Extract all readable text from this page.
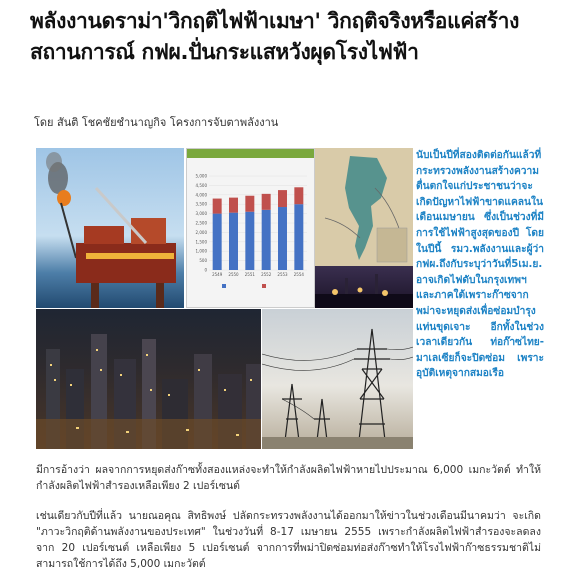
พลังงานดราม่า'วิกฤติไฟฟ้าเมษา' วิกฤติจริงหรือแค่สร้างสถานการณ์ กฟผ.ปั่นกระแสหวังผุดโรงไฟฟ้า
โดย สันติ โชคชัยชำนาญกิจ โครงการจับตาพลังงาน
0
500
1,000
1,500
2,000
2,500
3,000
3,500
4,000
4,500
5,000
2549 2550 2551 2552 2553 2554
นับเป็นปีที่สองติดต่อกันแล้วที่กระทรวงพลังงานสร้างความตื่นตกใจแก่ประชาชนว่าจะเกิดปัญหาไฟฟ้าขาดแคลนในเดือนเมษายน ซึ่งเป็นช่วงที่มีการใช้ไฟฟ้าสูงสุดของปี โดยในปีนี้ รมว.พลังงานและผู้ว่ากฟผ.ถึงกับระบุว่าวันที่5เม.ย. อาจเกิดไฟดับในกรุงเทพฯและภาคใต้เพราะก๊าซจากพม่าจะหยุดส่งเพื่อซ่อมบำรุงแท่นขุดเจาะ อีกทั้งในช่วงเวลาเดียวกัน ท่อก๊าซไทย-มาเลเซียก็จะปิดซ่อม เพราะอุบัติเหตุจากสมอเรือ

มีการอ้างว่า ผลจากการหยุดส่งก๊าซทั้งสองแหล่งจะทำให้กำลังผลิตไฟฟ้าหายไปประมาณ 6,000 เมกะวัตต์ ทำให้กำลังผลิตไฟฟ้าสำรองเหลือเพียง 2 เปอร์เซนต์

เช่นเดียวกับปีที่แล้ว นายณอคุณ สิทธิพงษ์ ปลัดกระทรวงพลังงานได้ออกมาให้ข่าวในช่วงเดือนมีนาคมว่า จะเกิด "ภาวะวิกฤติด้านพลังงานของประเทศ" ในช่วงวันที่ 8-17 เมษายน 2555 เพราะกำลังผลิตไฟฟ้าสำรองจะลดลงจาก 20 เปอร์เซนต์ เหลือเพียง 5 เปอร์เซนต์ จากการที่พม่าปิดซ่อมท่อส่งก๊าซทำให้โรงไฟฟ้าก๊าซธรรมชาติไม่สามารถใช้การได้ถึง 5,000 เมกะวัตต์
